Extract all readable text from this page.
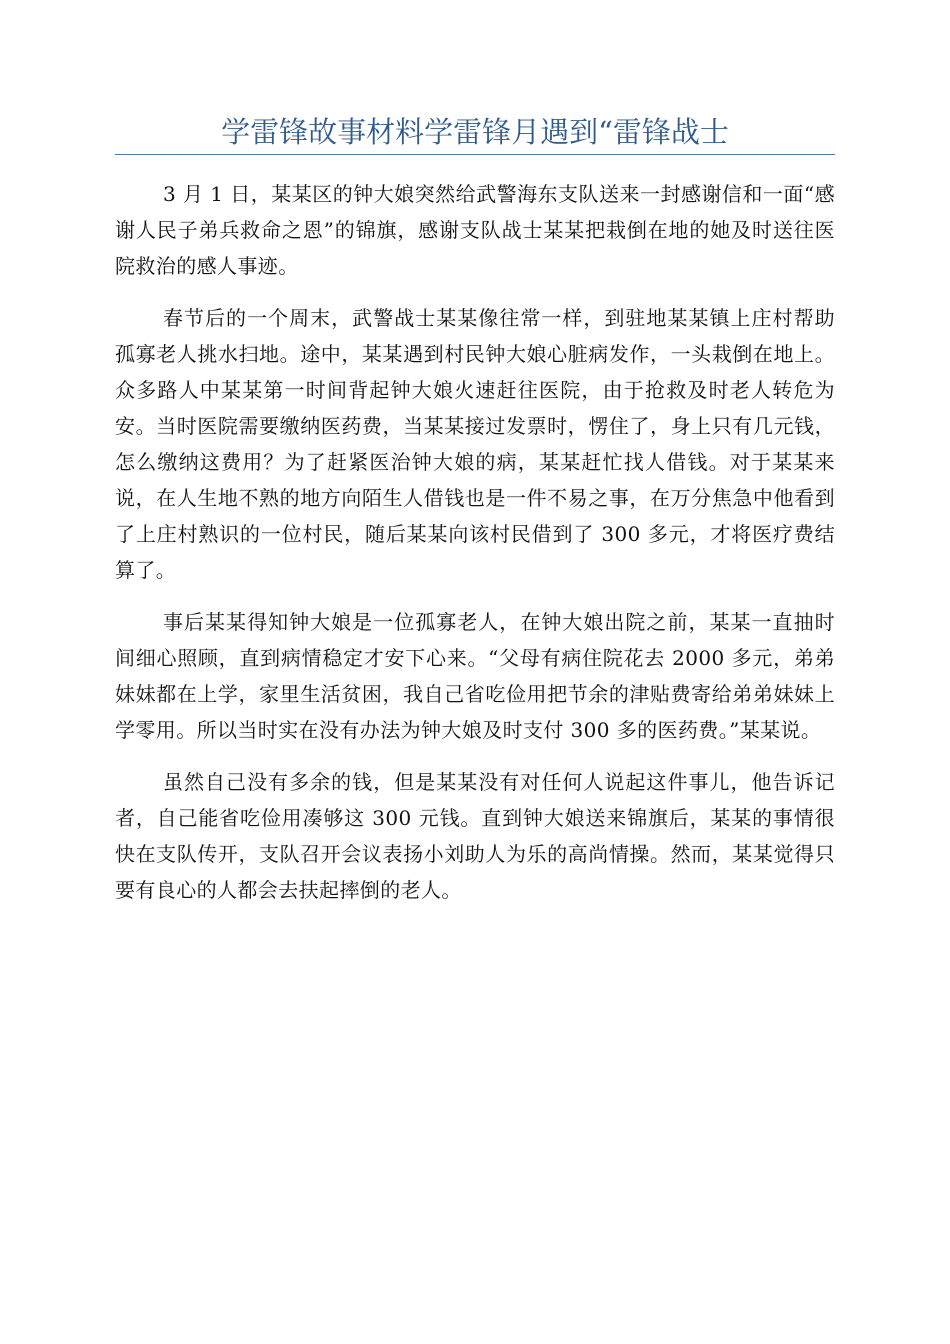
学雷锋故事材料学雷锋月遇到“雷锋战士

3 月 1 日，某某区的钟大娘突然给武警海东支队送来一封感谢信和一面“感谢人民子弟兵救命之恩”的锦旗，感谢支队战士某某把栽倒在地的她及时送往医院救治的感人事迹。

春节后的一个周末，武警战士某某像往常一样，到驻地某某镇上庄村帮助孤寡老人挑水扫地。途中，某某遇到村民钟大娘心脏病发作，一头栽倒在地上。众多路人中某某第一时间背起钟大娘火速赶往医院，由于抢救及时老人转危为安。当时医院需要缴纳医药费，当某某接过发票时，愣住了，身上只有几元钱，怎么缴纳这费用？为了赶紧医治钟大娘的病，某某赶忙找人借钱。对于某某来说，在人生地不熟的地方向陌生人借钱也是一件不易之事，在万分焦急中他看到了上庄村熟识的一位村民，随后某某向该村民借到了 300 多元，才将医疗费结算了。

事后某某得知钟大娘是一位孤寡老人，在钟大娘出院之前，某某一直抽时间细心照顾，直到病情稳定才安下心来。“父母有病住院花去 2000 多元，弟弟妹妹都在上学，家里生活贫困，我自己省吃俭用把节余的津贴费寄给弟弟妹妹上学零用。所以当时实在没有办法为钟大娘及时支付 300 多的医药费。”某某说。

虽然自己没有多余的钱，但是某某没有对任何人说起这件事儿，他告诉记者，自己能省吃俭用凑够这 300 元钱。直到钟大娘送来锦旗后，某某的事情很快在支队传开，支队召开会议表扬小刘助人为乐的高尚情操。然而，某某觉得只要有良心的人都会去扶起摔倒的老人。
